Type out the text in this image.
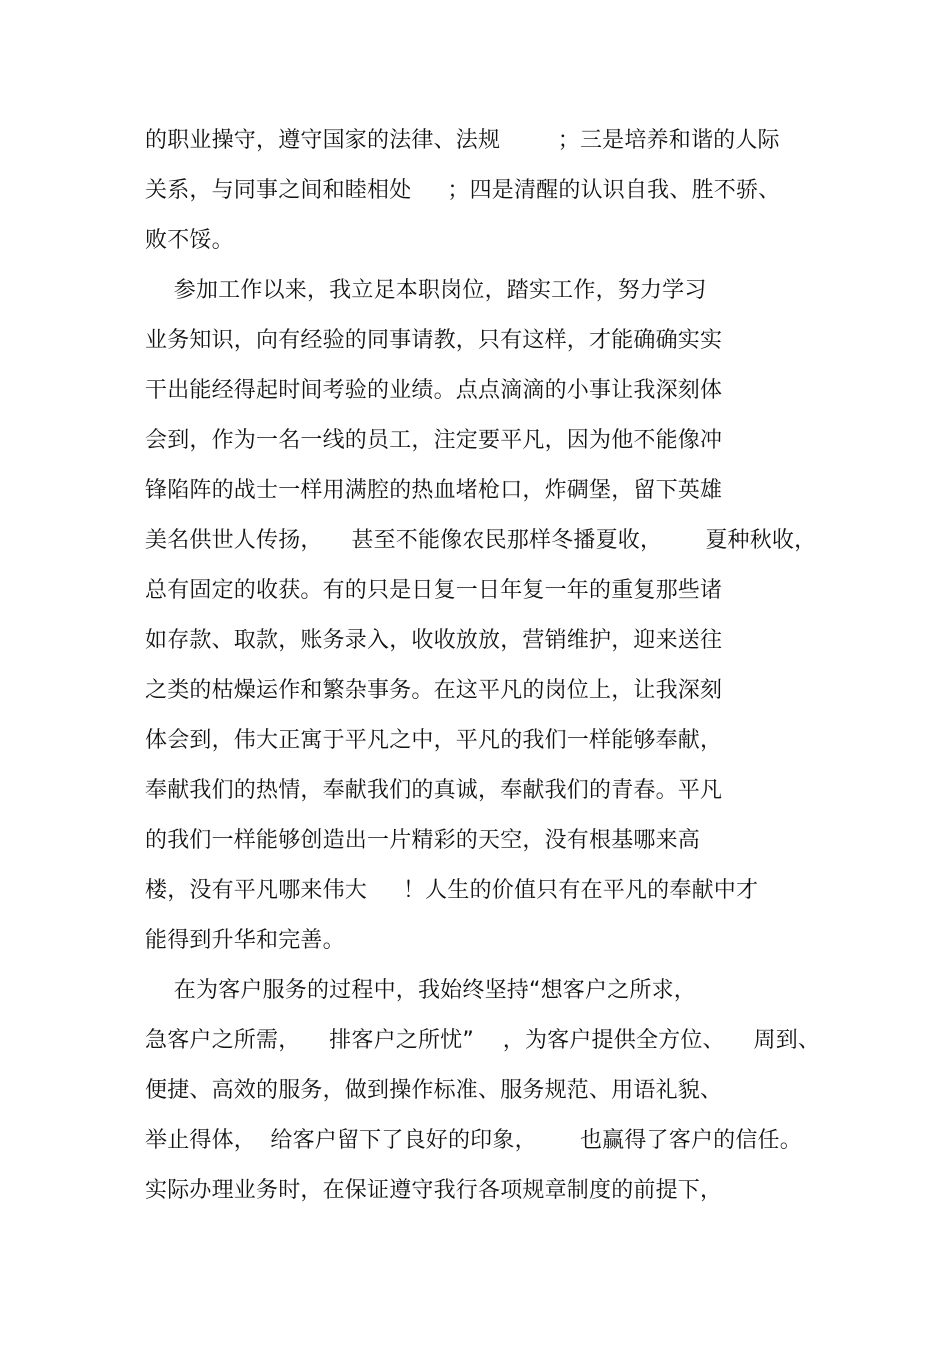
的职业操守，遵守国家的法律、法规        ；三是培养和谐的人际
关系，与同事之间和睦相处     ；四是清醒的认识自我、胜不骄、
败不馁。
参加工作以来，我立足本职岗位，踏实工作，努力学习
业务知识，向有经验的同事请教，只有这样，才能确确实实
干出能经得起时间考验的业绩。点点滴滴的小事让我深刻体
会到，作为一名一线的员工，注定要平凡，因为他不能像冲
锋陷阵的战士一样用满腔的热血堵枪口，炸碉堡，留下英雄
美名供世人传扬，    甚至不能像农民那样冬播夏收，      夏种秋收，
总有固定的收获。有的只是日复一日年复一年的重复那些诸
如存款、取款，账务录入，收收放放，营销维护，迎来送往
之类的枯燥运作和繁杂事务。在这平凡的岗位上，让我深刻
体会到，伟大正寓于平凡之中，平凡的我们一样能够奉献，
奉献我们的热情，奉献我们的真诚，奉献我们的青春。平凡
的我们一样能够创造出一片精彩的天空，没有根基哪来高
楼，没有平凡哪来伟大     ！人生的价值只有在平凡的奉献中才
能得到升华和完善。
在为客户服务的过程中，我始终坚持“想客户之所求，
急客户之所需，    排客户之所忧”    ，为客户提供全方位、    周到、
便捷、高效的服务，做到操作标准、服务规范、用语礼貌、
举止得体，  给客户留下了良好的印象，      也赢得了客户的信任。
实际办理业务时，在保证遵守我行各项规章制度的前提下，
